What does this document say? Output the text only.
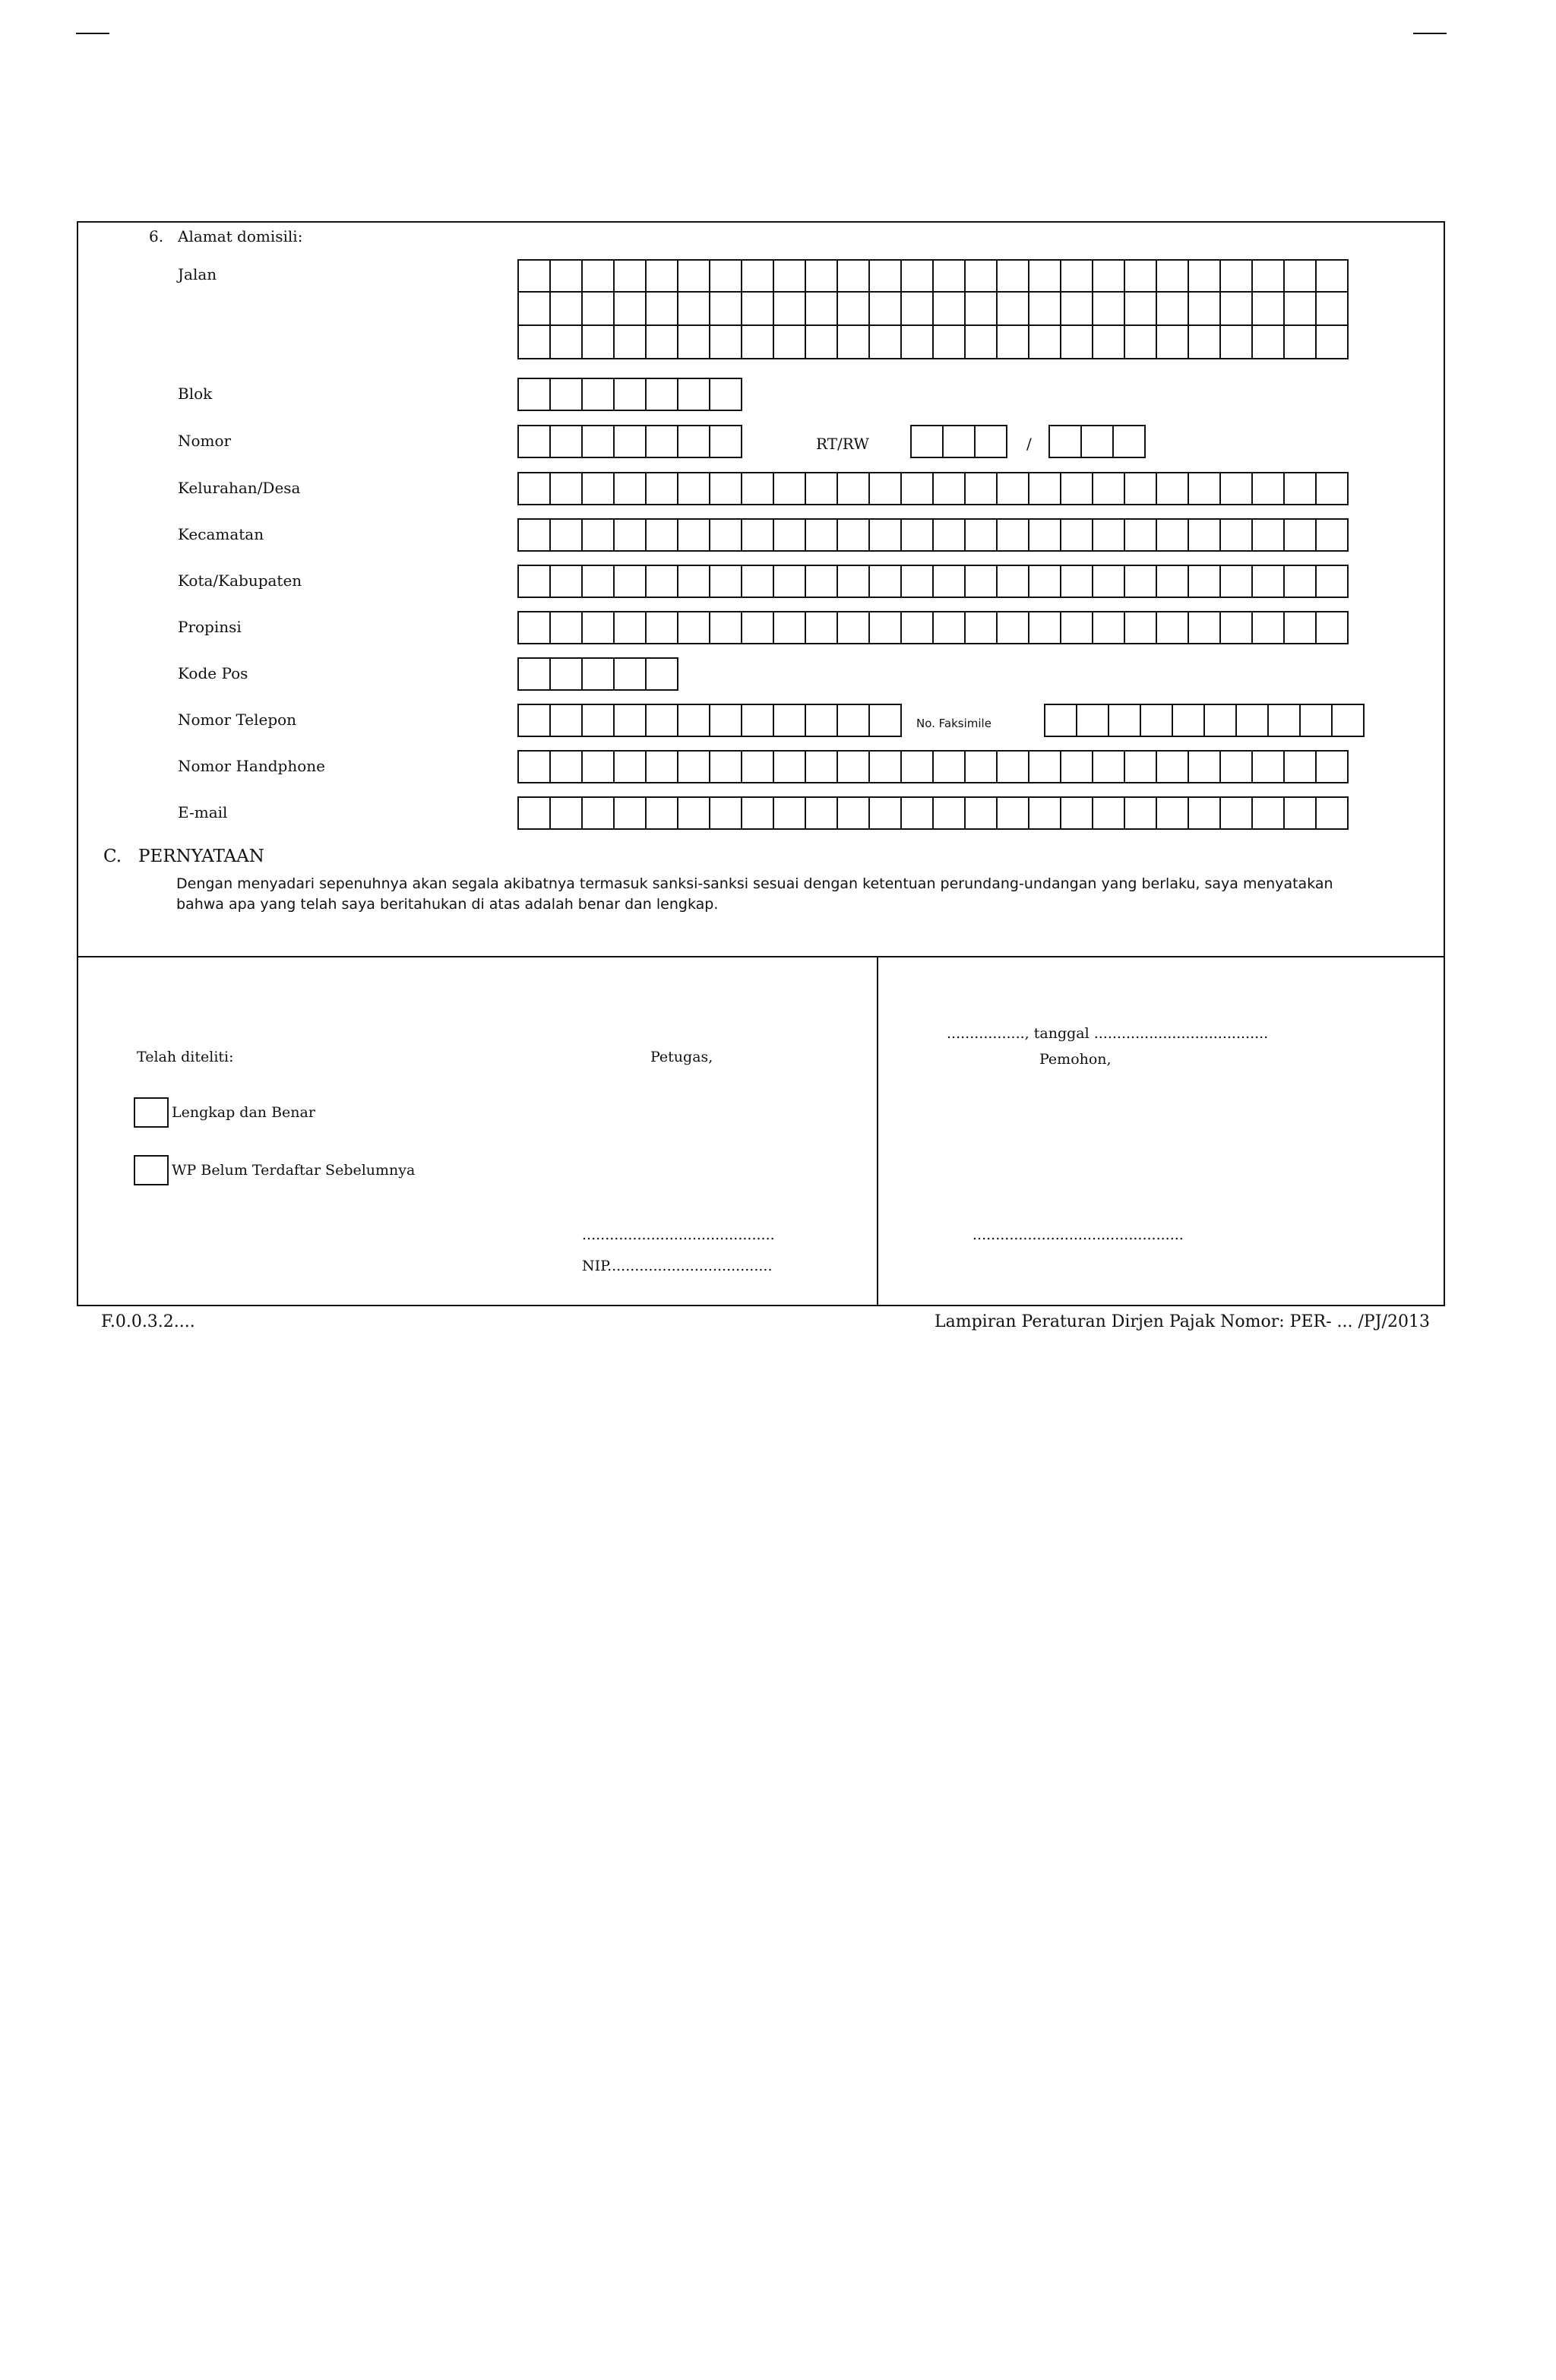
6. Alamat domisili:
Jalan
Blok
Nomor	RT/RW	/
Kelurahan/Desa
Kecamatan
Kota/Kabupaten
Propinsi
Kode Pos
Nomor Telepon	No. Faksimile
Nomor Handphone
E-mail
C. PERNYATAAN
Dengan menyadari sepenuhnya akan segala akibatnya termasuk sanksi-sanksi sesuai dengan ketentuan perundang-undangan yang berlaku, saya menyatakan
bahwa apa yang telah saya beritahukan di atas adalah benar dan lengkap.
Telah diteliti:	Petugas,
Lengkap dan Benar
WP Belum Terdaftar Sebelumnya
..........................................
NIP....................................
................., tanggal ......................................
Pemohon,
..............................................
F.0.0.3.2....	Lampiran Peraturan Dirjen Pajak Nomor: PER- ... /PJ/2013
